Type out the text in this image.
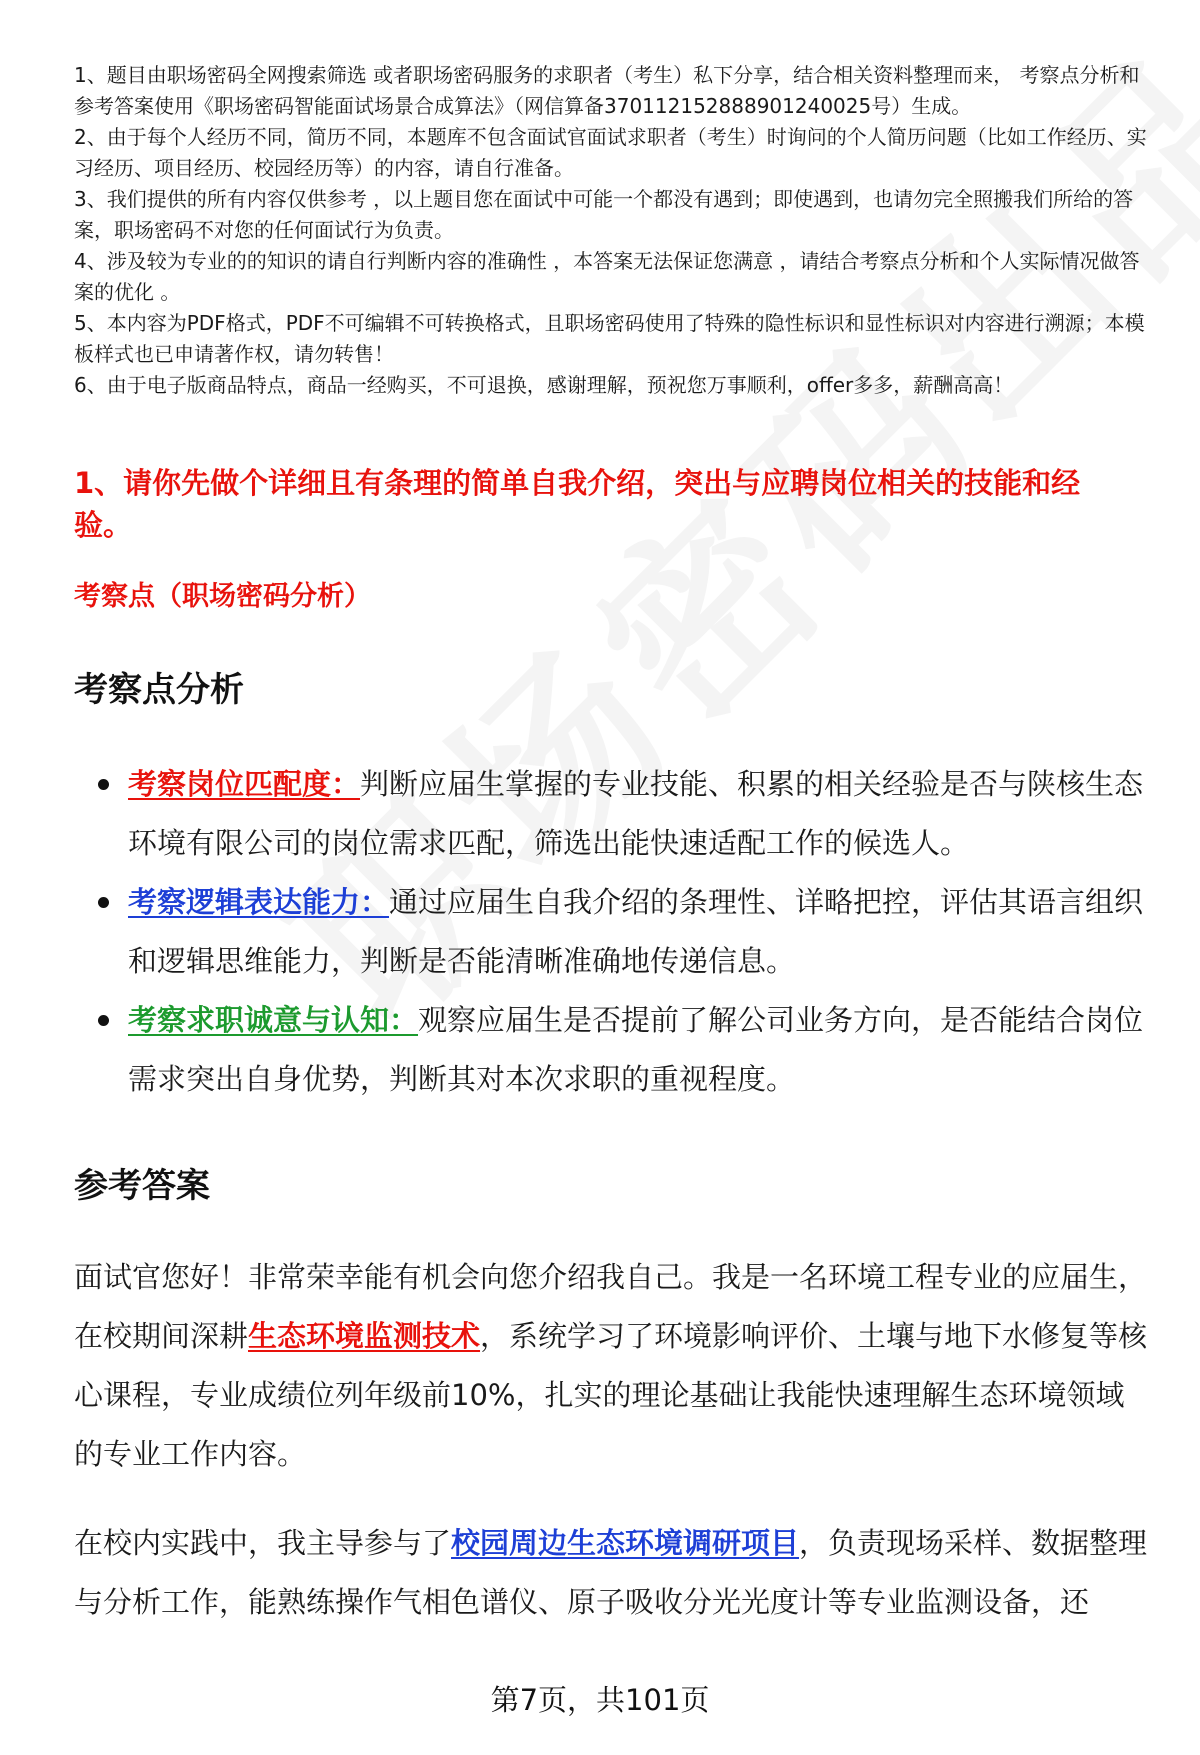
1、题目由职场密码全网搜索筛选 或者职场密码服务的求职者（考生）私下分享，结合相关资料整理而来， 考察点分析和参考答案使用《职场密码智能面试场景合成算法》（网信算备370112152888901240025号）生成。

2、由于每个人经历不同，简历不同，本题库不包含面试官面试求职者（考生）时询问的个人简历问题（比如工作经历、实习经历、项目经历、校园经历等）的内容，请自行准备。

3、我们提供的所有内容仅供参考 ，以上题目您在面试中可能一个都没有遇到；即使遇到，也请勿完全照搬我们所给的答案，职场密码不对您的任何面试行为负责。

4、涉及较为专业的的知识的请自行判断内容的准确性 ，本答案无法保证您满意 ，请结合考察点分析和个人实际情况做答案的优化 。

5、本内容为PDF格式，PDF不可编辑不可转换格式，且职场密码使用了特殊的隐性标识和显性标识对内容进行溯源；本模板样式也已申请著作权，请勿转售！

6、由于电子版商品特点，商品一经购买，不可退换，感谢理解，预祝您万事顺利，offer多多，薪酬高高！

1、请你先做个详细且有条理的简单自我介绍，突出与应聘岗位相关的技能和经验。

考察点（职场密码分析）

考察点分析
考察岗位匹配度：判断应届生掌握的专业技能、积累的相关经验是否与陕核生态环境有限公司的岗位需求匹配，筛选出能快速适配工作的候选人。
考察逻辑表达能力：通过应届生自我介绍的条理性、详略把控，评估其语言组织和逻辑思维能力，判断是否能清晰准确地传递信息。
考察求职诚意与认知：观察应届生是否提前了解公司业务方向，是否能结合岗位需求突出自身优势，判断其对本次求职的重视程度。
参考答案

面试官您好！非常荣幸能有机会向您介绍我自己。我是一名环境工程专业的应届生，在校期间深耕生态环境监测技术，系统学习了环境影响评价、土壤与地下水修复等核心课程，专业成绩位列年级前10%，扎实的理论基础让我能快速理解生态环境领域的专业工作内容。

在校内实践中，我主导参与了校园周边生态环境调研项目，负责现场采样、数据整理与分析工作，能熟练操作气相色谱仪、原子吸收分光光度计等专业监测设备，还

第7页，共101页
